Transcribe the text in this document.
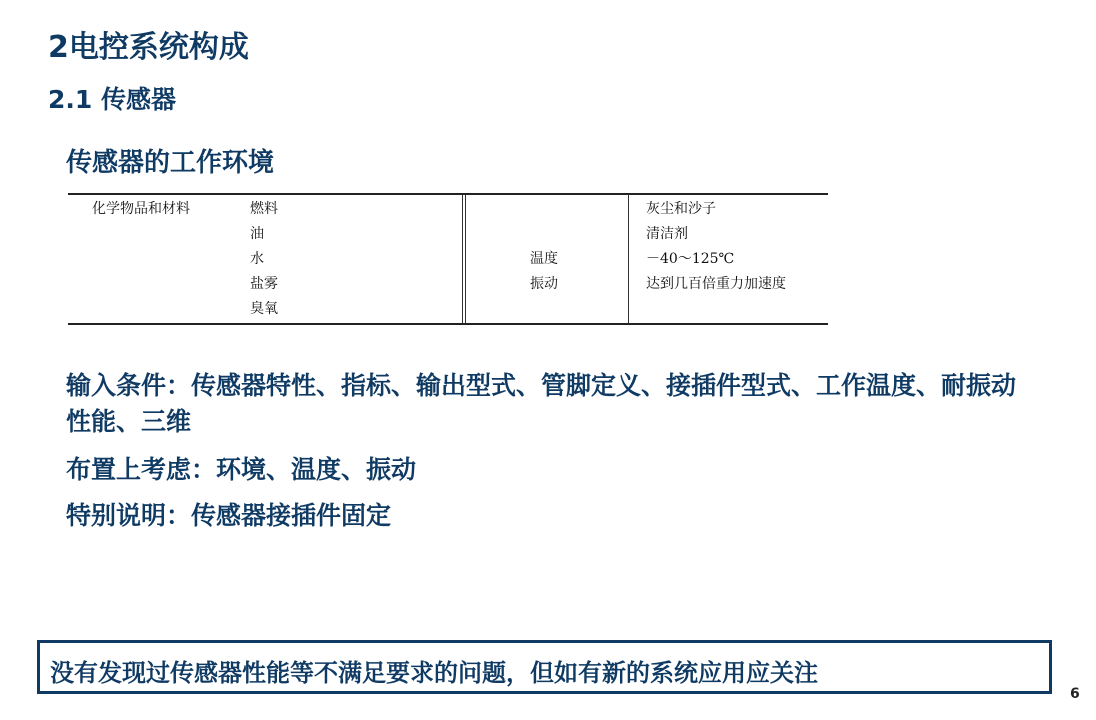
2电控系统构成
2.1 传感器
传感器的工作环境
化学物品和材料	燃料
油
水
盐雾
臭氧
温度
振动
灰尘和沙子
清洁剂
－40～125℃
达到几百倍重力加速度
输入条件：传感器特性、指标、输出型式、管脚定义、接插件型式、工作温度、耐振动性能、三维
布置上考虑：环境、温度、振动
特别说明：传感器接插件固定
没有发现过传感器性能等不满足要求的问题，但如有新的系统应用应关注
6
